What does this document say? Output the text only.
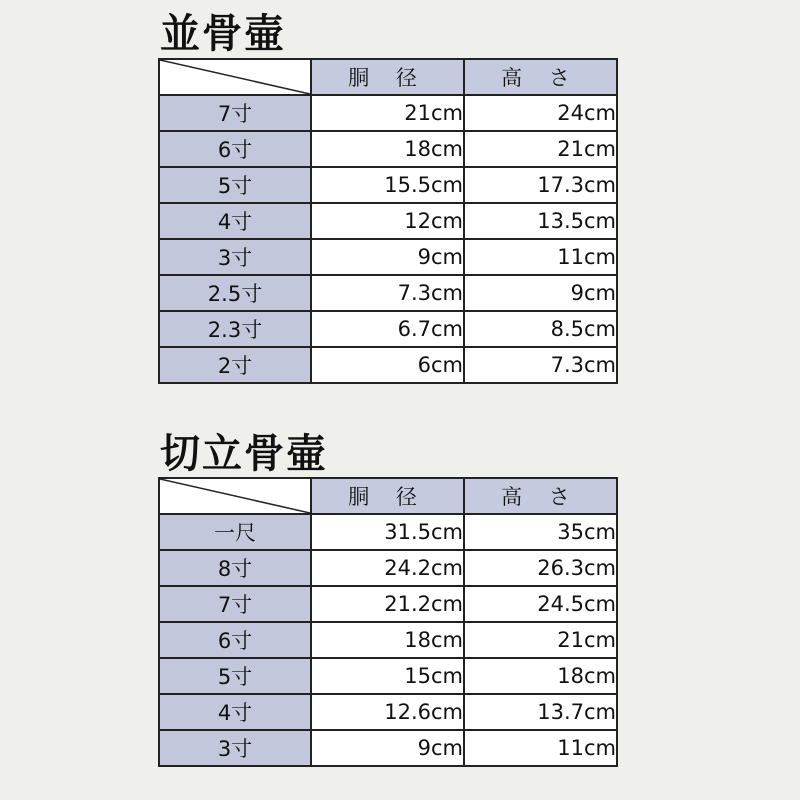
並骨壷
	胴 径	高 さ
7寸	21cm	24cm
6寸	18cm	21cm
5寸	15.5cm	17.3cm
4寸	12cm	13.5cm
3寸	9cm	11cm
2.5寸	7.3cm	9cm
2.3寸	6.7cm	8.5cm
2寸	6cm	7.3cm
切立骨壷
	胴 径	高 さ
一尺	31.5cm	35cm
8寸	24.2cm	26.3cm
7寸	21.2cm	24.5cm
6寸	18cm	21cm
5寸	15cm	18cm
4寸	12.6cm	13.7cm
3寸	9cm	11cm
